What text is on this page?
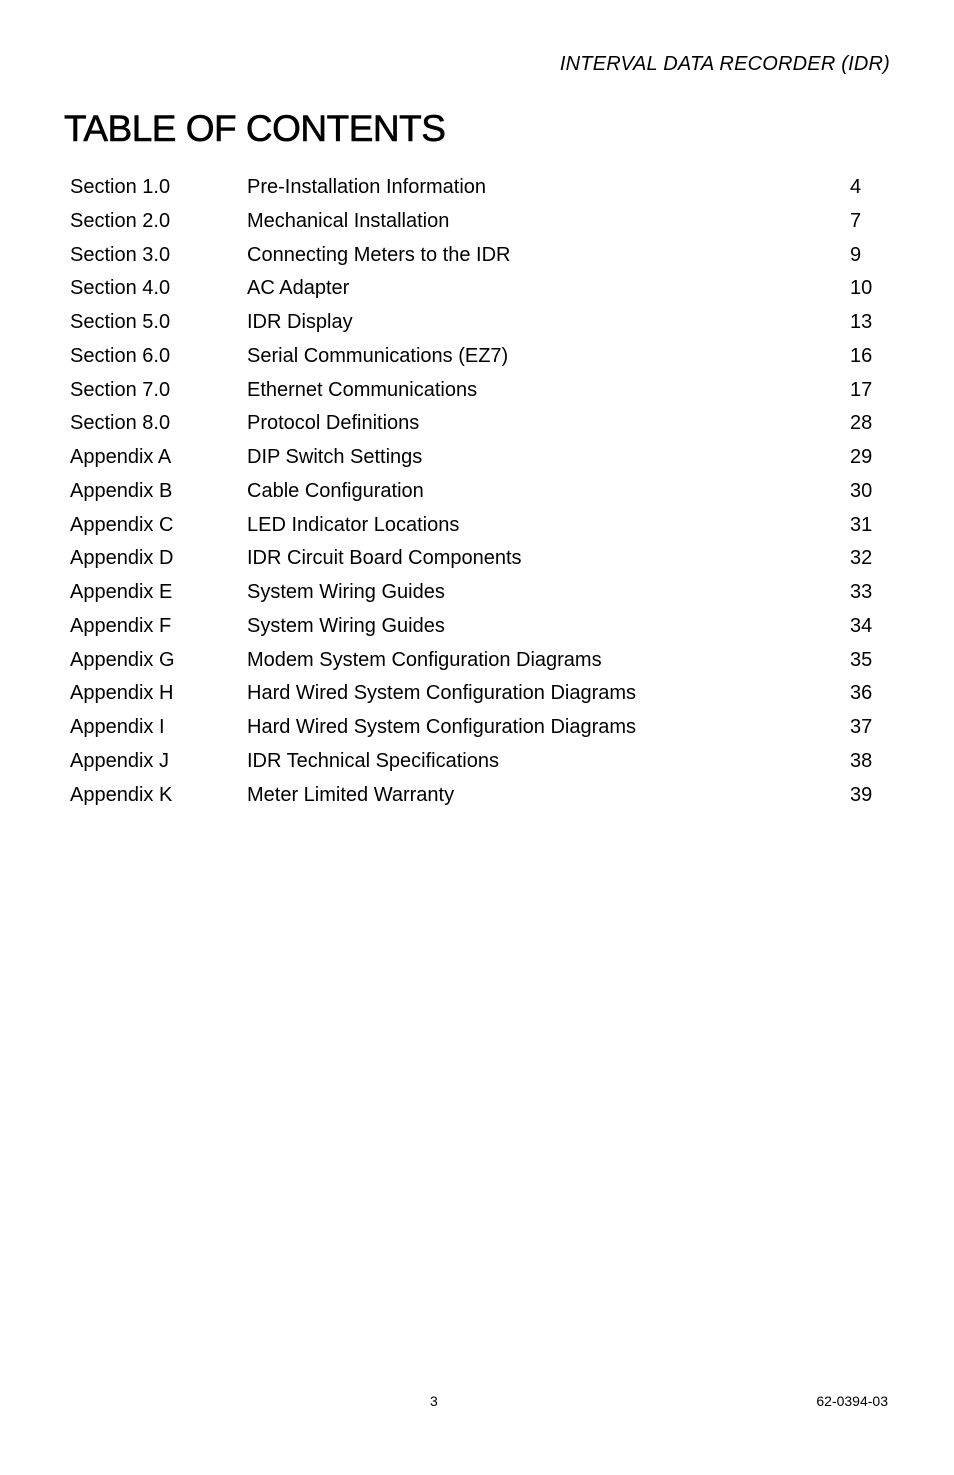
INTERVAL DATA RECORDER (IDR)
TABLE OF CONTENTS
Section 1.0	Pre-Installation Information	4
Section 2.0	Mechanical Installation	7
Section 3.0	Connecting Meters to the IDR	9
Section 4.0	AC Adapter	10
Section 5.0	IDR Display	13
Section 6.0	Serial Communications (EZ7)	16
Section 7.0	Ethernet Communications	17
Section 8.0	Protocol Definitions	28
Appendix A	DIP Switch Settings	29
Appendix B	Cable Configuration	30
Appendix C	LED Indicator Locations	31
Appendix D	IDR Circuit Board Components	32
Appendix E	System Wiring Guides	33
Appendix F	System Wiring Guides	34
Appendix G	Modem System Configuration Diagrams	35
Appendix H	Hard Wired System Configuration Diagrams	36
Appendix I	Hard Wired System Configuration Diagrams	37
Appendix J	IDR Technical Specifications	38
Appendix K	Meter Limited Warranty	39
3	62-0394-03
